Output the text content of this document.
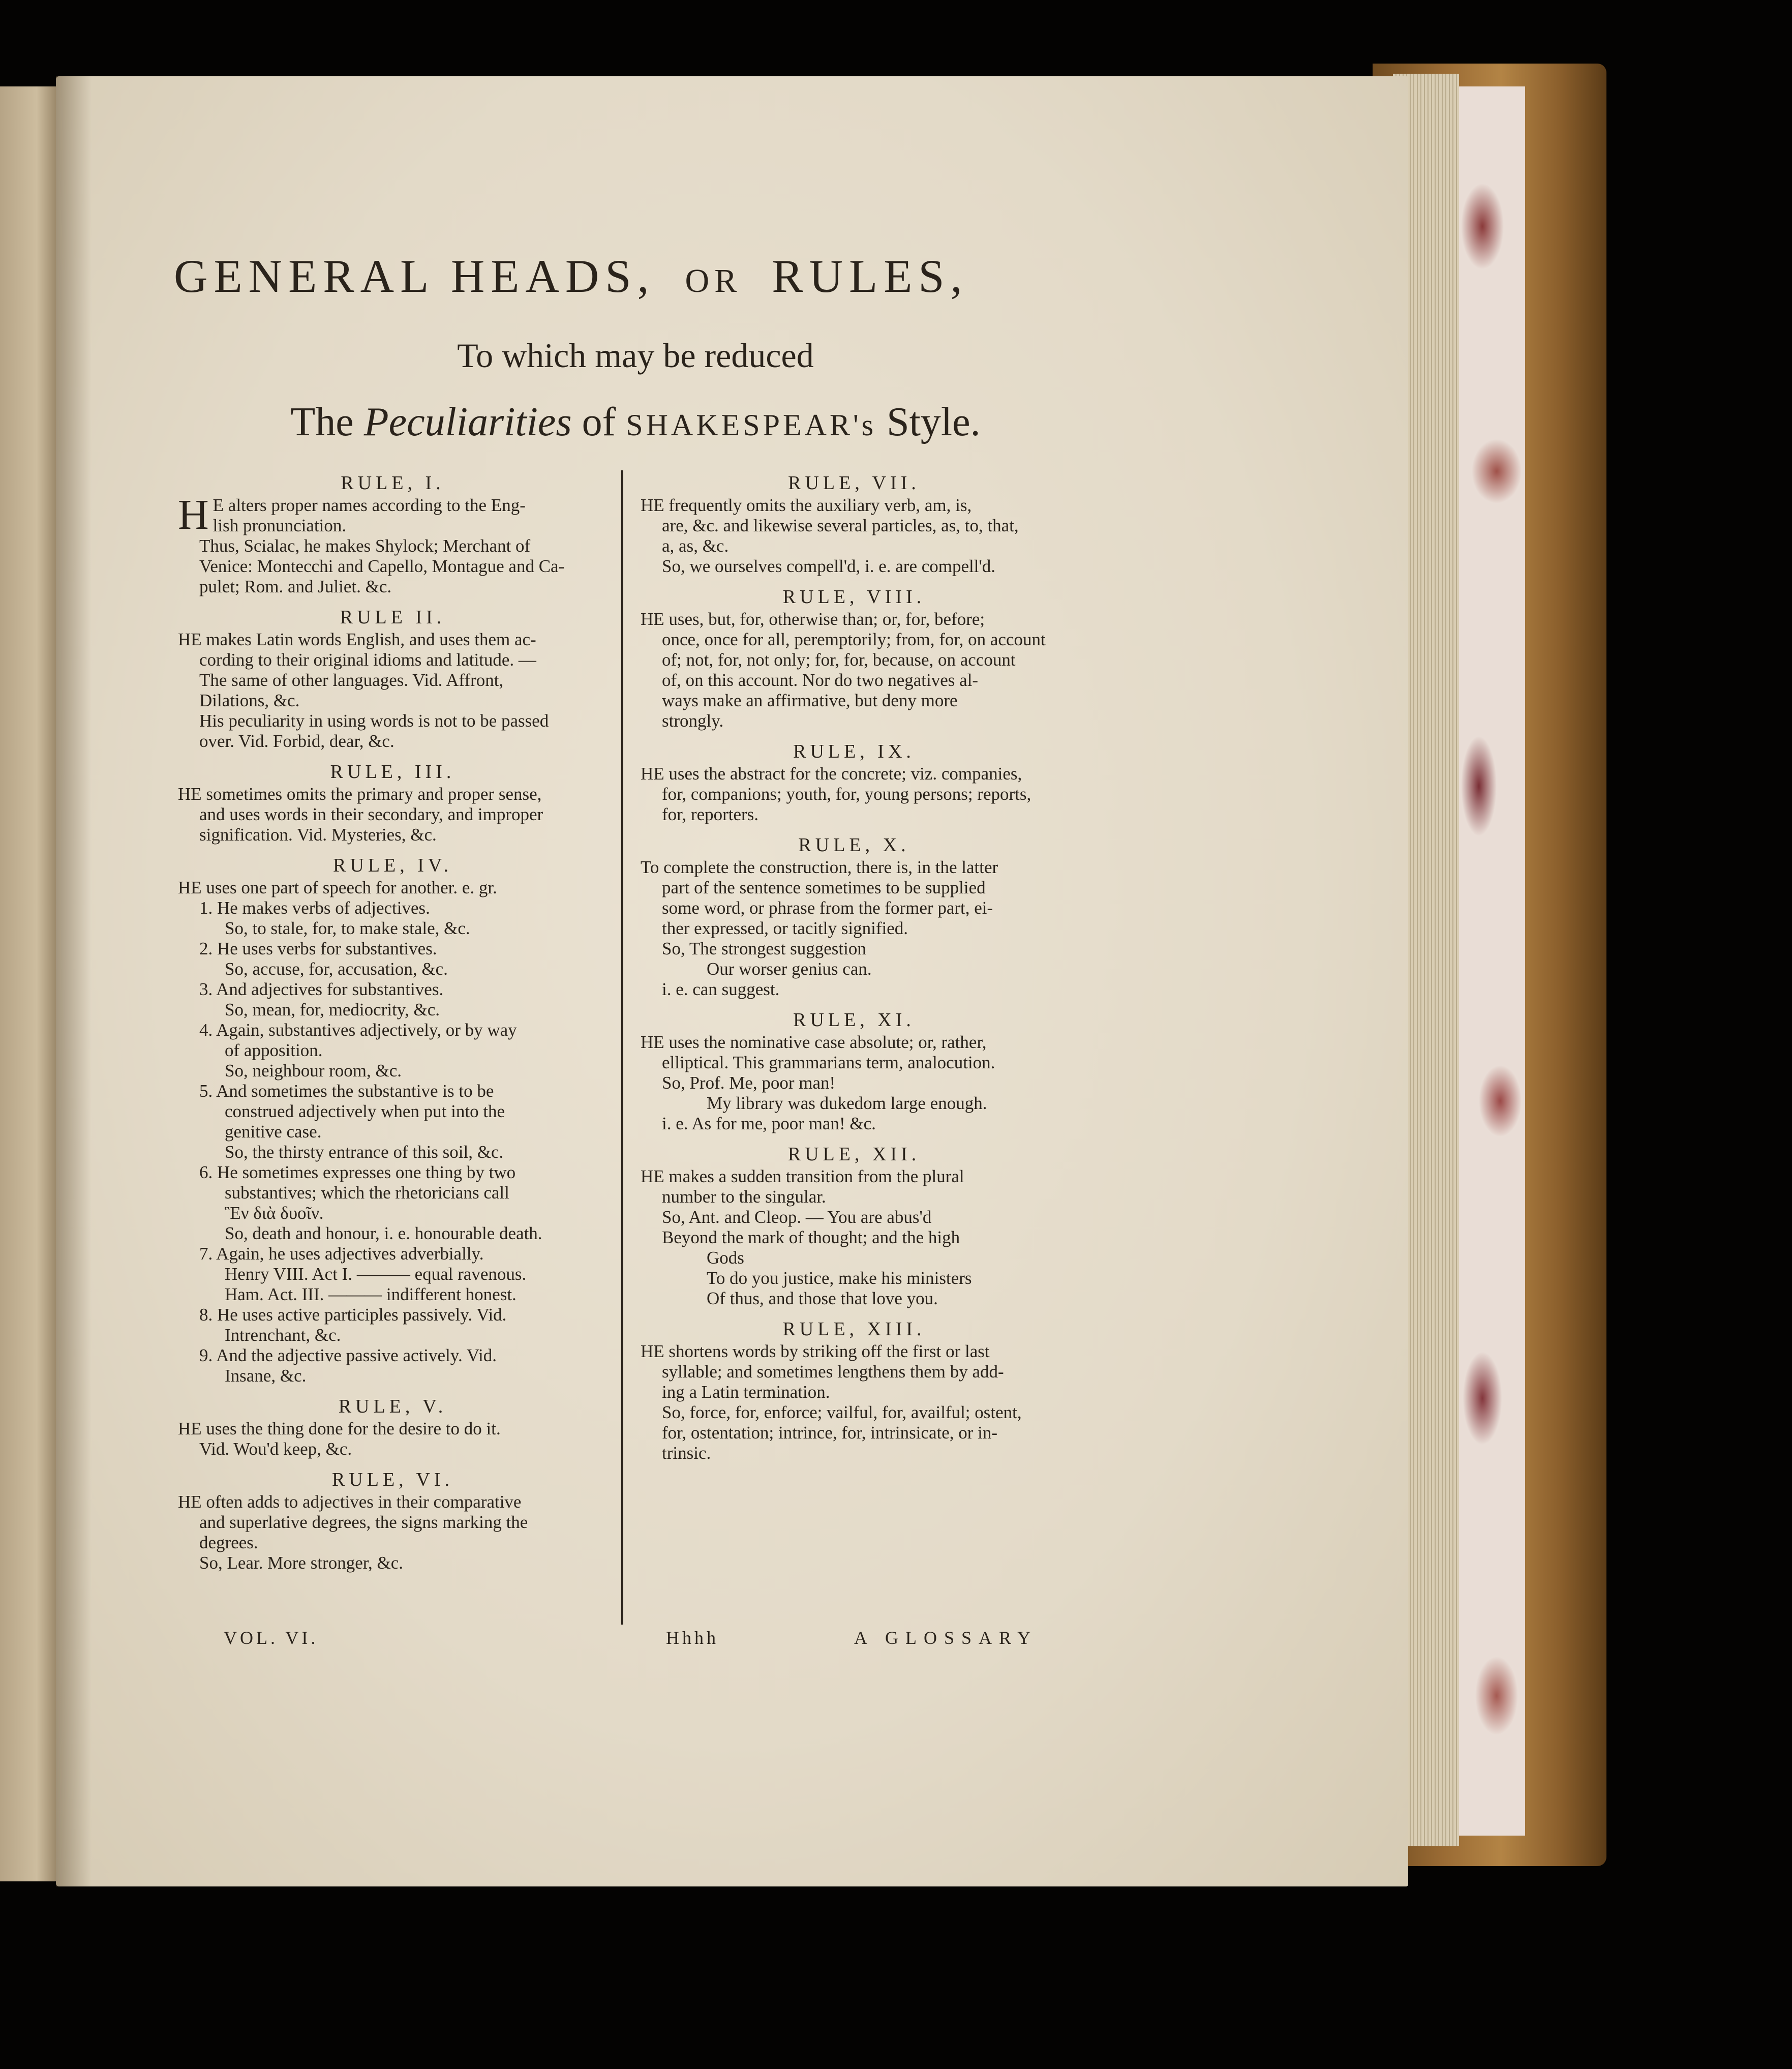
GENERAL HEADS, OR RULES,
To which may be reduced
The Peculiarities of SHAKESPEAR's Style.
RULE, I.
H E alters proper names according to the Eng-

lish pronunciation.

Thus, Scialac, he makes Shylock; Merchant of

Venice: Montecchi and Capello, Montague and Ca-

pulet; Rom. and Juliet. &c.

RULE II.

HE makes Latin words English, and uses them ac-

cording to their original idioms and latitude. —

The same of other languages. Vid. Affront,

Dilations, &c.

His peculiarity in using words is not to be passed

over. Vid. Forbid, dear, &c.

RULE, III.

HE sometimes omits the primary and proper sense,

and uses words in their secondary, and improper

signification. Vid. Mysteries, &c.

RULE, IV.

HE uses one part of speech for another. e. gr.

1. He makes verbs of adjectives.

So, to stale, for, to make stale, &c.

2. He uses verbs for substantives.

So, accuse, for, accusation, &c.

3. And adjectives for substantives.

So, mean, for, mediocrity, &c.

4. Again, substantives adjectively, or by way

of apposition.

So, neighbour room, &c.

5. And sometimes the substantive is to be

construed adjectively when put into the

genitive case.

So, the thirsty entrance of this soil, &c.

6. He sometimes expresses one thing by two

substantives; which the rhetoricians call

Ἓν διὰ δυοῖν.

So, death and honour, i. e. honourable death.

7. Again, he uses adjectives adverbially.

Henry VIII. Act I. ——— equal ravenous.

Ham. Act. III. ——— indifferent honest.

8. He uses active participles passively. Vid.

Intrenchant, &c.

9. And the adjective passive actively. Vid.

Insane, &c.

RULE, V.

HE uses the thing done for the desire to do it.

Vid. Wou'd keep, &c.

RULE, VI.

HE often adds to adjectives in their comparative

and superlative degrees, the signs marking the

degrees.

So, Lear. More stronger, &c.

RULE, VII.

HE frequently omits the auxiliary verb, am, is,

are, &c. and likewise several particles, as, to, that,

a, as, &c.

So, we ourselves compell'd, i. e. are compell'd.

RULE, VIII.

HE uses, but, for, otherwise than; or, for, before;

once, once for all, peremptorily; from, for, on account

of; not, for, not only; for, for, because, on account

of, on this account. Nor do two negatives al-

ways make an affirmative, but deny more

strongly.

RULE, IX.

HE uses the abstract for the concrete; viz. companies,

for, companions; youth, for, young persons; reports,

for, reporters.

RULE, X.

To complete the construction, there is, in the latter

part of the sentence sometimes to be supplied

some word, or phrase from the former part, ei-

ther expressed, or tacitly signified.

So, The strongest suggestion

Our worser genius can.

i. e. can suggest.

RULE, XI.

HE uses the nominative case absolute; or, rather,

elliptical. This grammarians term, analocution.

So, Prof. Me, poor man!

My library was dukedom large enough.

i. e. As for me, poor man! &c.

RULE, XII.

HE makes a sudden transition from the plural

number to the singular.

So, Ant. and Cleop. — You are abus'd

Beyond the mark of thought; and the high

Gods

To do you justice, make his ministers

Of thus, and those that love you.

RULE, XIII.

HE shortens words by striking off the first or last

syllable; and sometimes lengthens them by add-

ing a Latin termination.

So, force, for, enforce; vailful, for, availful; ostent,

for, ostentation; intrince, for, intrinsicate, or in-

trinsic.

VOL. VI.	Hhhh	A GLOSSARY
